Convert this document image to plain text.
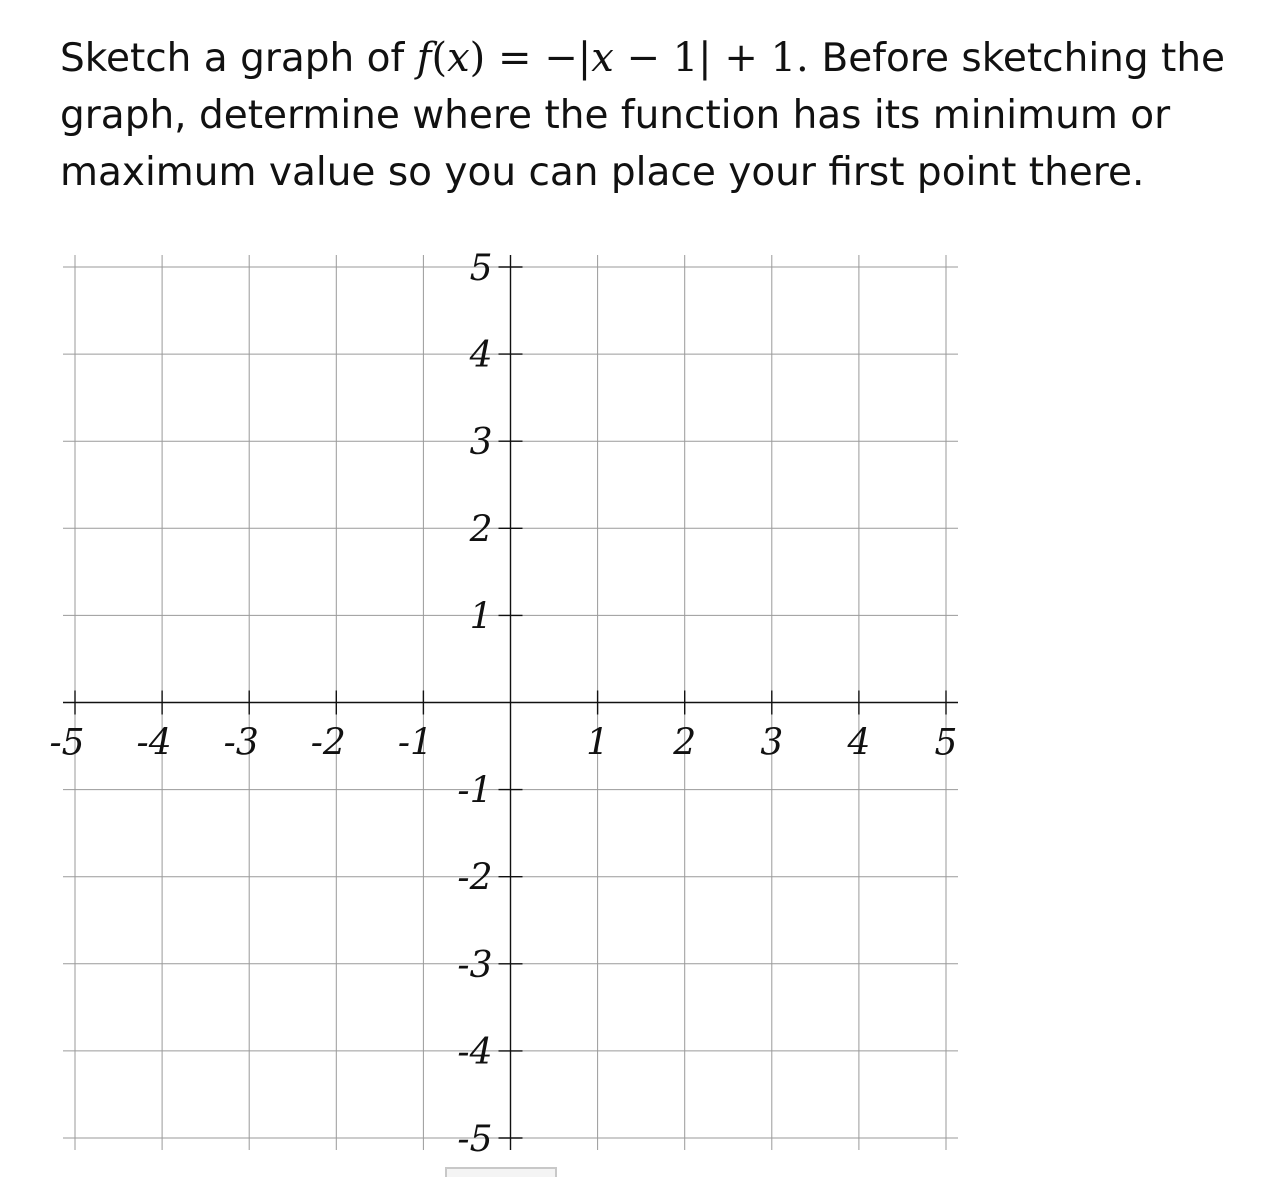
Sketch a graph of f(x) = −|x − 1| + 1. Before sketching the graph, determine where the function has its minimum or maximum value so you can place your first point there.

-5 -4 -3 -2 -1	1 2 3 4 5
5
4
3
2
1
-1
-2
-3
-4
-5
